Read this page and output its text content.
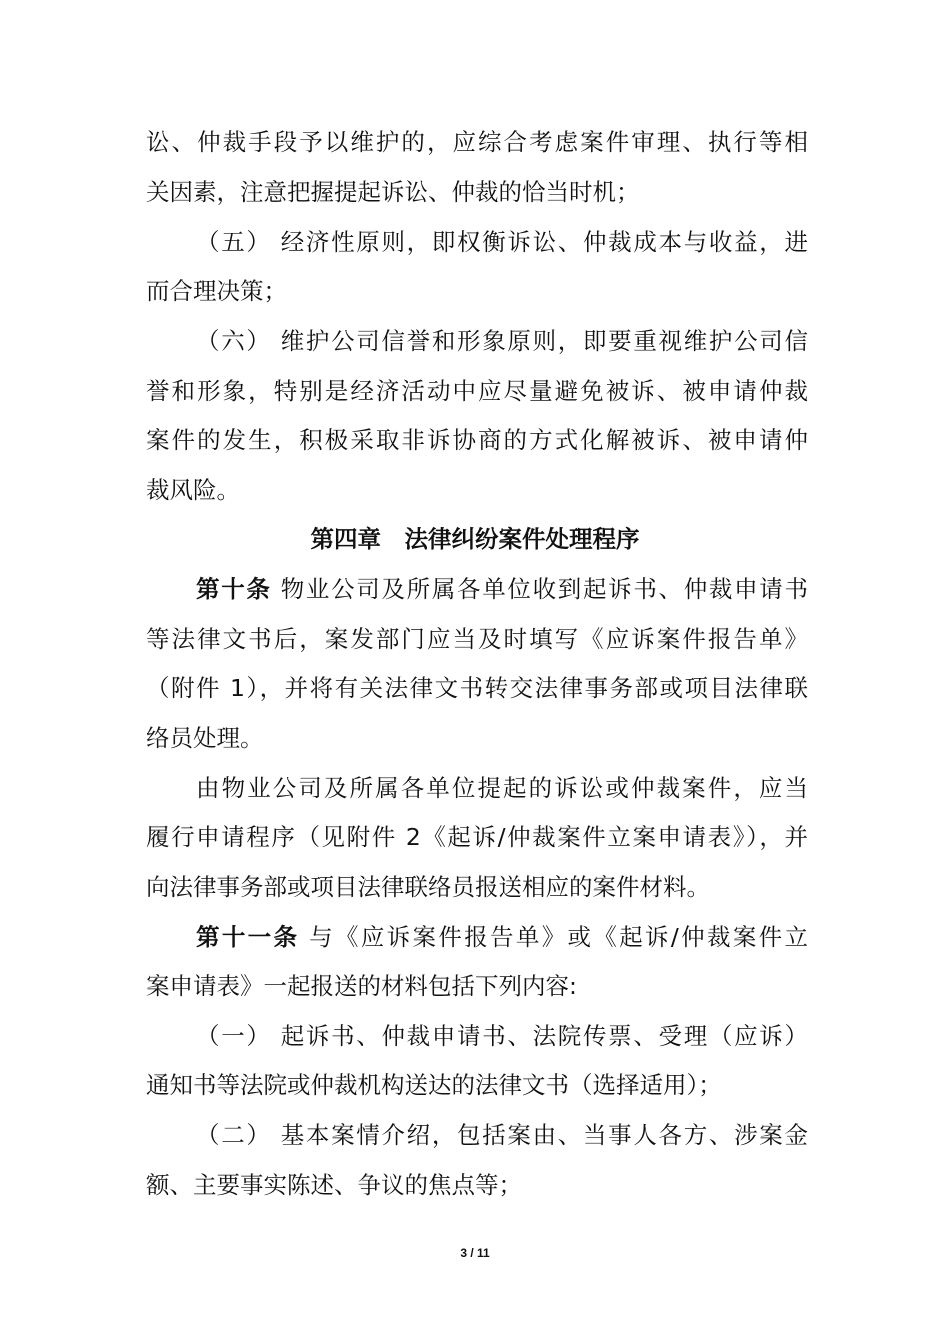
讼、仲裁手段予以维护的，应综合考虑案件审理、执行等相
关因素，注意把握提起诉讼、仲裁的恰当时机；
（五） 经济性原则，即权衡诉讼、仲裁成本与收益，进
而合理决策；
（六） 维护公司信誉和形象原则，即要重视维护公司信
誉和形象，特别是经济活动中应尽量避免被诉、被申请仲裁
案件的发生，积极采取非诉协商的方式化解被诉、被申请仲
裁风险。
第四章　法律纠纷案件处理程序
第十条 物业公司及所属各单位收到起诉书、仲裁申请书
等法律文书后，案发部门应当及时填写《应诉案件报告单》
（附件 1），并将有关法律文书转交法律事务部或项目法律联
络员处理。
由物业公司及所属各单位提起的诉讼或仲裁案件，应当
履行申请程序（见附件 2《起诉/仲裁案件立案申请表》），并
向法律事务部或项目法律联络员报送相应的案件材料。
第十一条 与《应诉案件报告单》或《起诉/仲裁案件立
案申请表》一起报送的材料包括下列内容:
（一） 起诉书、仲裁申请书、法院传票、受理（应诉）
通知书等法院或仲裁机构送达的法律文书（选择适用）；
（二） 基本案情介绍，包括案由、当事人各方、涉案金
额、主要事实陈述、争议的焦点等；
3 / 11
